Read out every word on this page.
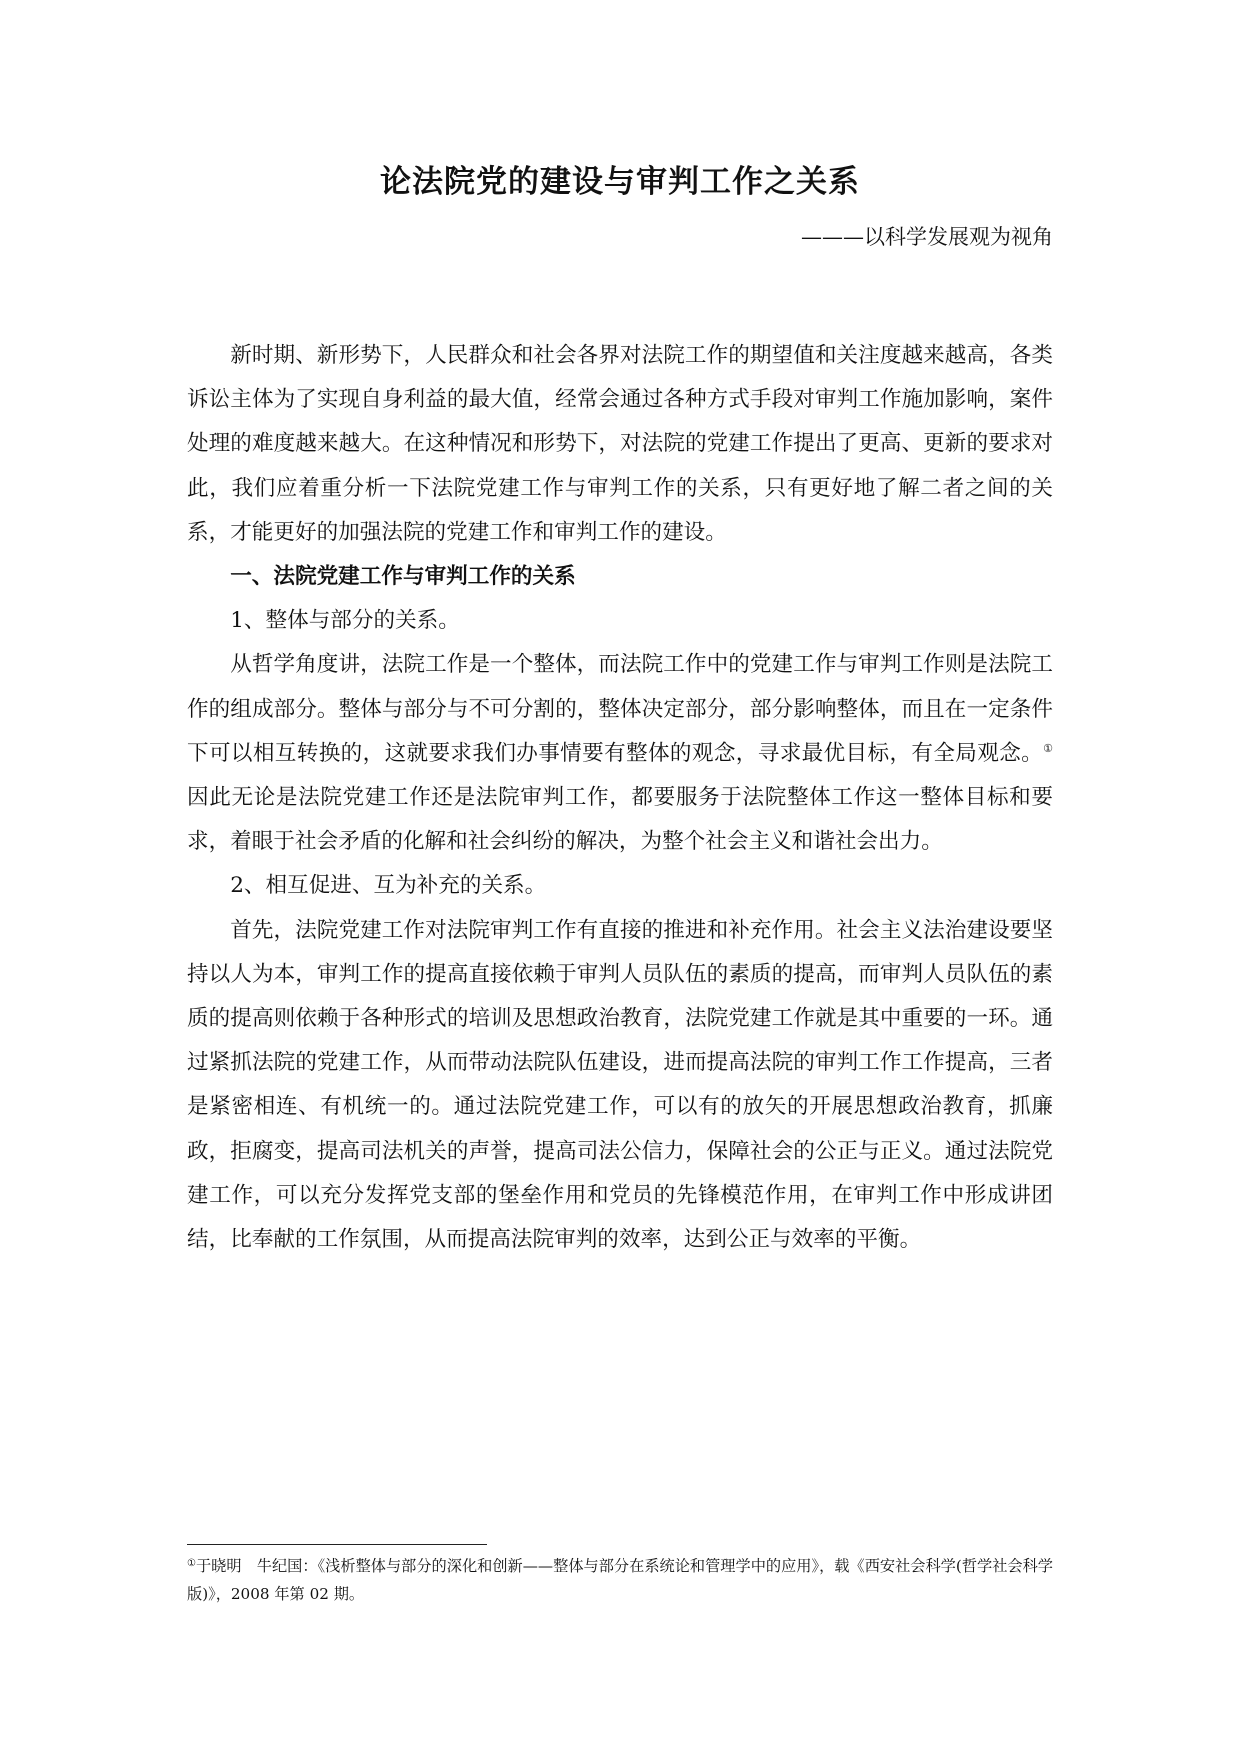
论法院党的建设与审判工作之关系

———以科学发展观为视角

新时期、新形势下，人民群众和社会各界对法院工作的期望值和关注度越来越高，各类诉讼主体为了实现自身利益的最大值，经常会通过各种方式手段对审判工作施加影响，案件处理的难度越来越大。在这种情况和形势下，对法院的党建工作提出了更高、更新的要求对此，我们应着重分析一下法院党建工作与审判工作的关系，只有更好地了解二者之间的关系，才能更好的加强法院的党建工作和审判工作的建设。

一、法院党建工作与审判工作的关系

1、整体与部分的关系。

从哲学角度讲，法院工作是一个整体，而法院工作中的党建工作与审判工作则是法院工作的组成部分。整体与部分与不可分割的，整体决定部分，部分影响整体，而且在一定条件下可以相互转换的，这就要求我们办事情要有整体的观念，寻求最优目标，有全局观念。①因此无论是法院党建工作还是法院审判工作，都要服务于法院整体工作这一整体目标和要求，着眼于社会矛盾的化解和社会纠纷的解决，为整个社会主义和谐社会出力。

2、相互促进、互为补充的关系。

首先，法院党建工作对法院审判工作有直接的推进和补充作用。社会主义法治建设要坚持以人为本，审判工作的提高直接依赖于审判人员队伍的素质的提高，而审判人员队伍的素质的提高则依赖于各种形式的培训及思想政治教育，法院党建工作就是其中重要的一环。通过紧抓法院的党建工作，从而带动法院队伍建设，进而提高法院的审判工作工作提高，三者是紧密相连、有机统一的。通过法院党建工作，可以有的放矢的开展思想政治教育，抓廉政，拒腐变，提高司法机关的声誉，提高司法公信力，保障社会的公正与正义。通过法院党建工作，可以充分发挥党支部的堡垒作用和党员的先锋模范作用，在审判工作中形成讲团结，比奉献的工作氛围，从而提高法院审判的效率，达到公正与效率的平衡。

①于晓明　牛纪国：《浅析整体与部分的深化和创新——整体与部分在系统论和管理学中的应用》，载《西安社会科学(哲学社会科学版)》，2008 年第 02 期。
